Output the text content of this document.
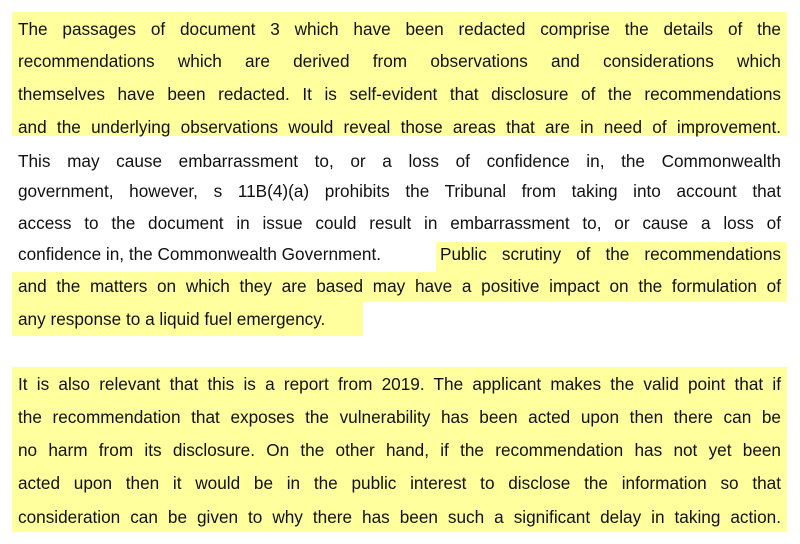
The passages of document 3 which have been redacted comprise the details of the
recommendations which are derived from observations and considerations which
themselves have been redacted. It is self-evident that disclosure of the recommendations
and the underlying observations would reveal those areas that are in need of improvement.
This may cause embarrassment to, or a loss of confidence in, the Commonwealth
government, however, s 11B(4)(a) prohibits the Tribunal from taking into account that
access to the document in issue could result in embarrassment to, or cause a loss of
confidence in, the Commonwealth Government.	Public scrutiny of the recommendations
and the matters on which they are based may have a positive impact on the formulation of
any response to a liquid fuel emergency.
It is also relevant that this is a report from 2019. The applicant makes the valid point that if
the recommendation that exposes the vulnerability has been acted upon then there can be
no harm from its disclosure. On the other hand, if the recommendation has not yet been
acted upon then it would be in the public interest to disclose the information so that
consideration can be given to why there has been such a significant delay in taking action.
